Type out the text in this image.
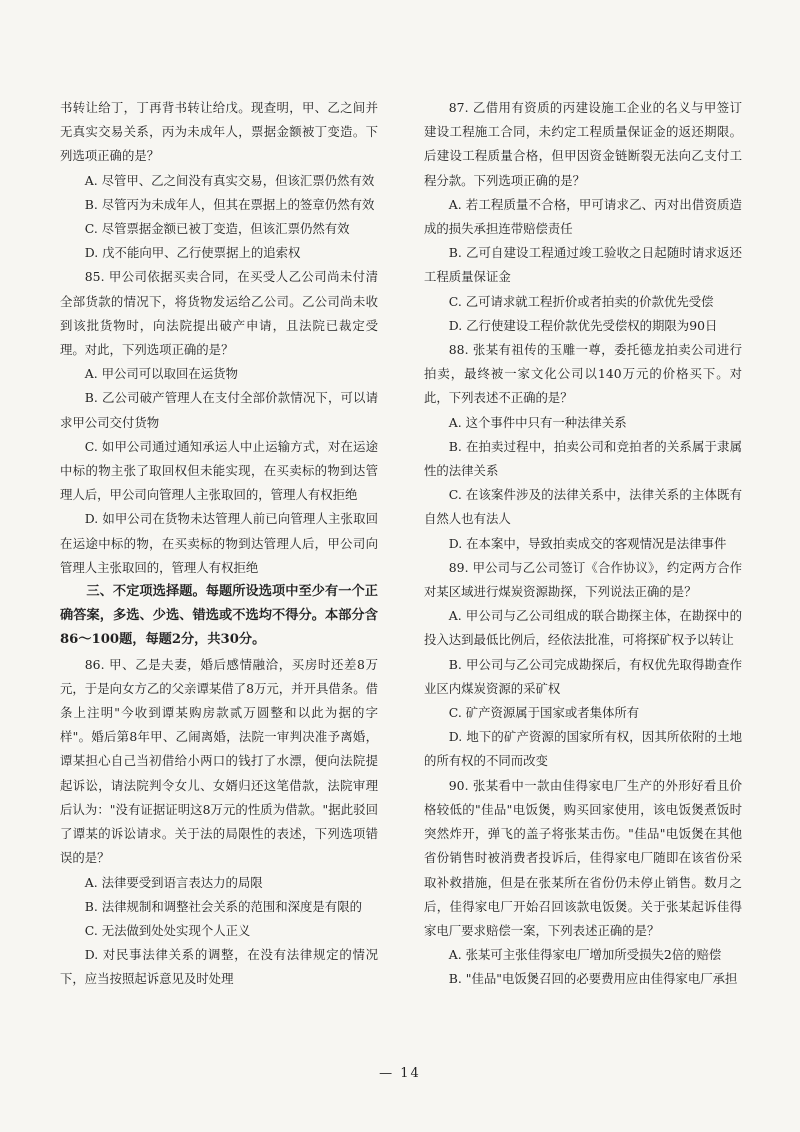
书转让给丁，丁再背书转让给戊。现查明，甲、乙之间并无真实交易关系，丙为未成年人，票据金额被丁变造。下列选项正确的是？

A. 尽管甲、乙之间没有真实交易，但该汇票仍然有效

B. 尽管丙为未成年人，但其在票据上的签章仍然有效

C. 尽管票据金额已被丁变造，但该汇票仍然有效

D. 戊不能向甲、乙行使票据上的追索权

85. 甲公司依据买卖合同，在买受人乙公司尚未付清全部货款的情况下，将货物发运给乙公司。乙公司尚未收到该批货物时，向法院提出破产申请，且法院已裁定受理。对此，下列选项正确的是？

A. 甲公司可以取回在运货物

B. 乙公司破产管理人在支付全部价款情况下，可以请求甲公司交付货物

C. 如甲公司通过通知承运人中止运输方式，对在运途中标的物主张了取回权但未能实现，在买卖标的物到达管理人后，甲公司向管理人主张取回的，管理人有权拒绝

D. 如甲公司在货物未达管理人前已向管理人主张取回在运途中标的物，在买卖标的物到达管理人后，甲公司向管理人主张取回的，管理人有权拒绝

三、不定项选择题。每题所设选项中至少有一个正确答案，多选、少选、错选或不选均不得分。本部分含86～100题，每题2分，共30分。

86. 甲、乙是夫妻，婚后感情融洽，买房时还差8万元，于是向女方乙的父亲谭某借了8万元，并开具借条。借条上注明"今收到谭某购房款贰万圆整和以此为据的字样"。婚后第8年甲、乙闹离婚，法院一审判决准予离婚，谭某担心自己当初借给小两口的钱打了水漂，便向法院提起诉讼，请法院判令女儿、女婿归还这笔借款，法院审理后认为："没有证据证明这8万元的性质为借款。"据此驳回了谭某的诉讼请求。关于法的局限性的表述，下列选项错误的是？

A. 法律要受到语言表达力的局限

B. 法律规制和调整社会关系的范围和深度是有限的

C. 无法做到处处实现个人正义

D. 对民事法律关系的调整，在没有法律规定的情况下，应当按照起诉意见及时处理

87. 乙借用有资质的丙建设施工企业的名义与甲签订建设工程施工合同，未约定工程质量保证金的返还期限。后建设工程质量合格，但甲因资金链断裂无法向乙支付工程分款。下列选项正确的是？

A. 若工程质量不合格，甲可请求乙、丙对出借资质造成的损失承担连带赔偿责任

B. 乙可自建设工程通过竣工验收之日起随时请求返还工程质量保证金

C. 乙可请求就工程折价或者拍卖的价款优先受偿

D. 乙行使建设工程价款优先受偿权的期限为90日

88. 张某有祖传的玉雕一尊，委托德龙拍卖公司进行拍卖，最终被一家文化公司以140万元的价格买下。对此，下列表述不正确的是？

A. 这个事件中只有一种法律关系

B. 在拍卖过程中，拍卖公司和竞拍者的关系属于隶属性的法律关系

C. 在该案件涉及的法律关系中，法律关系的主体既有自然人也有法人

D. 在本案中，导致拍卖成交的客观情况是法律事件

89. 甲公司与乙公司签订《合作协议》，约定两方合作对某区域进行煤炭资源勘探，下列说法正确的是？

A. 甲公司与乙公司组成的联合勘探主体，在勘探中的投入达到最低比例后，经依法批准，可将探矿权予以转让

B. 甲公司与乙公司完成勘探后，有权优先取得勘查作业区内煤炭资源的采矿权

C. 矿产资源属于国家或者集体所有

D. 地下的矿产资源的国家所有权，因其所依附的土地的所有权的不同而改变

90. 张某看中一款由佳得家电厂生产的外形好看且价格较低的"佳品"电饭煲，购买回家使用，该电饭煲煮饭时突然炸开，弹飞的盖子将张某击伤。"佳品"电饭煲在其他省份销售时被消费者投诉后，佳得家电厂随即在该省份采取补救措施，但是在张某所在省份仍未停止销售。数月之后，佳得家电厂开始召回该款电饭煲。关于张某起诉佳得家电厂要求赔偿一案，下列表述正确的是？

A. 张某可主张佳得家电厂增加所受损失2倍的赔偿

B. "佳品"电饭煲召回的必要费用应由佳得家电厂承担

— 14
